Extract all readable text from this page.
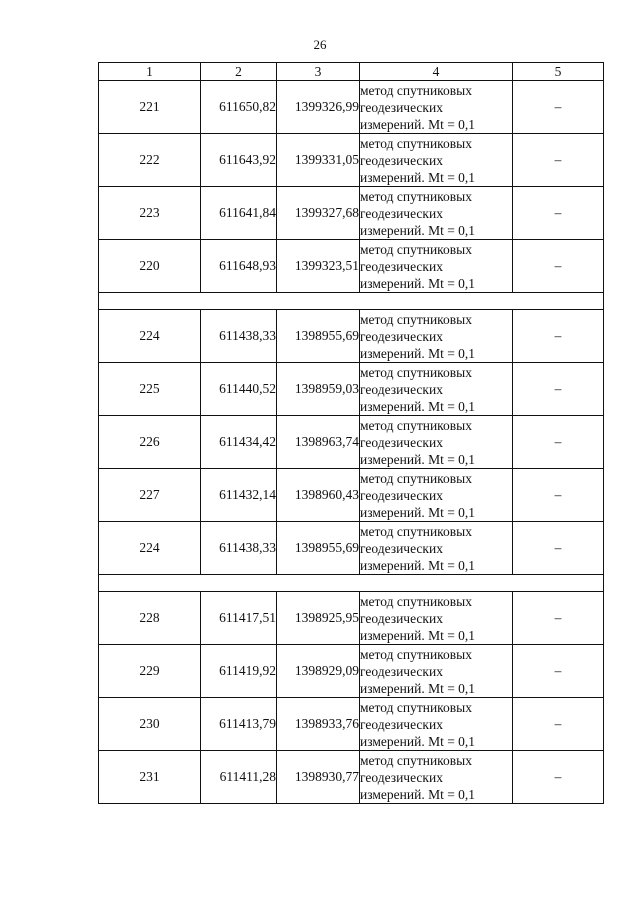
26
1	2	3	4	5
221	611650,82	1399326,99	метод спутниковых
геодезических
измерений. Mt = 0,1	–
222	611643,92	1399331,05	метод спутниковых
геодезических
измерений. Mt = 0,1	–
223	611641,84	1399327,68	метод спутниковых
геодезических
измерений. Mt = 0,1	–
220	611648,93	1399323,51	метод спутниковых
геодезических
измерений. Mt = 0,1	–

224	611438,33	1398955,69	метод спутниковых
геодезических
измерений. Mt = 0,1	–
225	611440,52	1398959,03	метод спутниковых
геодезических
измерений. Mt = 0,1	–
226	611434,42	1398963,74	метод спутниковых
геодезических
измерений. Mt = 0,1	–
227	611432,14	1398960,43	метод спутниковых
геодезических
измерений. Mt = 0,1	–
224	611438,33	1398955,69	метод спутниковых
геодезических
измерений. Mt = 0,1	–

228	611417,51	1398925,95	метод спутниковых
геодезических
измерений. Mt = 0,1	–
229	611419,92	1398929,09	метод спутниковых
геодезических
измерений. Mt = 0,1	–
230	611413,79	1398933,76	метод спутниковых
геодезических
измерений. Mt = 0,1	–
231	611411,28	1398930,77	метод спутниковых
геодезических
измерений. Mt = 0,1	–
